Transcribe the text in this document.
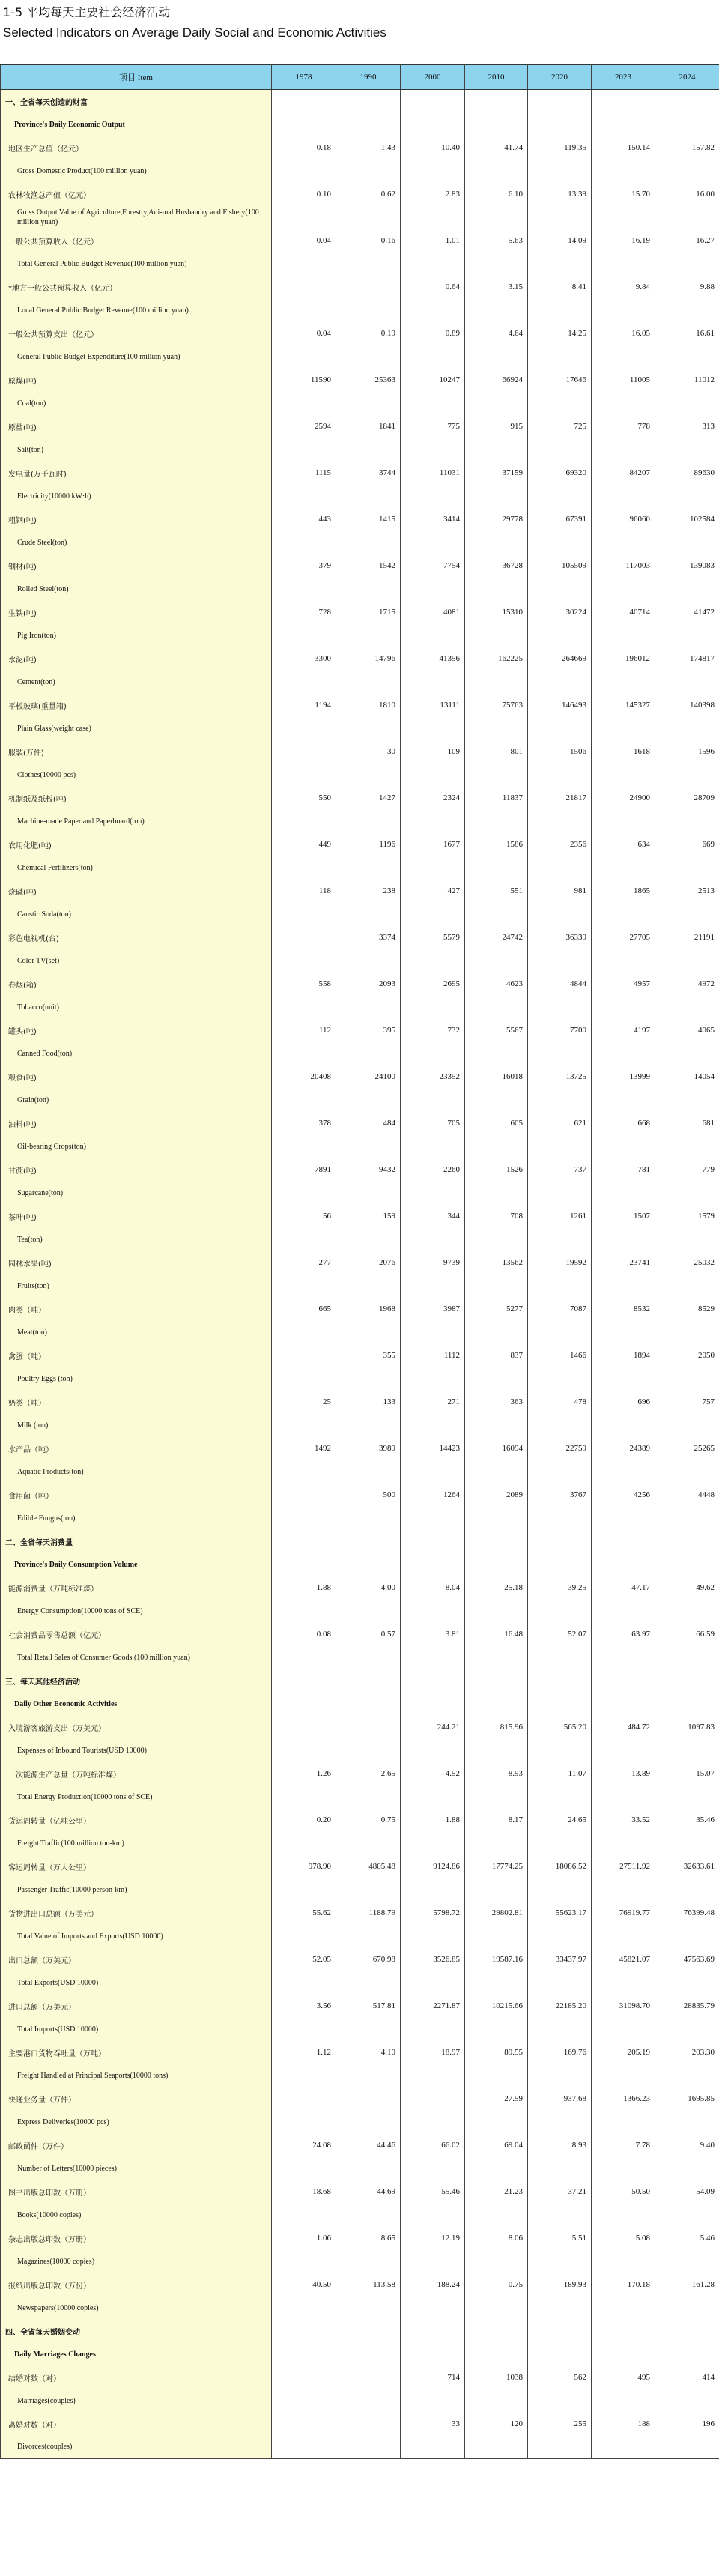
1-5 平均每天主要社会经济活动
Selected Indicators on Average Daily Social and Economic Activities
项目 Item	1978	1990	2000	2010	2020	2023	2024
一、全省每天创造的财富							
Province's Daily Economic Output							
地区生产总值（亿元）	0.18	1.43	10.40	41.74	119.35	150.14	157.82
Gross Domestic Product(100 million yuan)							
农林牧渔总产值（亿元）	0.10	0.62	2.83	6.10	13.39	15.70	16.00
Gross Output Value of Agriculture,Forestry,Ani-mal Husbandry and Fishery(100 million yuan)							
一般公共预算收入（亿元）	0.04	0.16	1.01	5.63	14.09	16.19	16.27
Total General Public Budget Revenue(100 million yuan)							
*地方一般公共预算收入（亿元）			0.64	3.15	8.41	9.84	9.88
Local General Public Budget Revenue(100 million yuan)							
一般公共预算支出（亿元）	0.04	0.19	0.89	4.64	14.25	16.05	16.61
General Public Budget Expenditure(100 million yuan)							
原煤(吨)	11590	25363	10247	66924	17646	11005	11012
Coal(ton)							
原盐(吨)	2594	1841	775	915	725	778	313
Salt(ton)							
发电量(万千瓦时)	1115	3744	11031	37159	69320	84207	89630
Electricity(10000 kW·h)							
粗钢(吨)	443	1415	3414	29778	67391	96060	102584
Crude Steel(ton)							
钢材(吨)	379	1542	7754	36728	105509	117003	139083
Rolled Steel(ton)							
生铁(吨)	728	1715	4081	15310	30224	40714	41472
Pig Iron(ton)							
水泥(吨)	3300	14796	41356	162225	264669	196012	174817
Cement(ton)							
平板玻璃(重量箱)	1194	1810	13111	75763	146493	145327	140398
Plain Glass(weight case)							
服装(万件)		30	109	801	1506	1618	1596
Clothes(10000 pcs)							
机制纸及纸板(吨)	550	1427	2324	11837	21817	24900	28709
Machine-made Paper and Paperboard(ton)							
农用化肥(吨)	449	1196	1677	1586	2356	634	669
Chemical Fertilizers(ton)							
烧碱(吨)	118	238	427	551	981	1865	2513
Caustic Soda(ton)							
彩色电视机(台)		3374	5579	24742	36339	27705	21191
Color TV(set)							
卷烟(箱)	558	2093	2695	4623	4844	4957	4972
Tobacco(unit)							
罐头(吨)	112	395	732	5567	7700	4197	4065
Canned Food(ton)							
粮食(吨)	20408	24100	23352	16018	13725	13999	14054
Grain(ton)							
油料(吨)	378	484	705	605	621	668	681
Oil-bearing Crops(ton)							
甘蔗(吨)	7891	9432	2260	1526	737	781	779
Sugarcane(ton)							
茶叶(吨)	56	159	344	708	1261	1507	1579
Tea(ton)							
园林水果(吨)	277	2076	9739	13562	19592	23741	25032
Fruits(ton)							
肉类（吨）	665	1968	3987	5277	7087	8532	8529
Meat(ton)							
禽蛋（吨）		355	1112	837	1466	1894	2050
Poultry Eggs (ton)							
奶类（吨）	25	133	271	363	478	696	757
Milk (ton)							
水产品（吨）	1492	3989	14423	16094	22759	24389	25265
Aquatic Products(ton)							
食用菌（吨）		500	1264	2089	3767	4256	4448
Edible Fungus(ton)							
二、全省每天消费量							
Province's Daily Consumption Volume							
能源消费量（万吨标准煤）	1.88	4.00	8.04	25.18	39.25	47.17	49.62
Energy Consumption(10000 tons of SCE)							
社会消费品零售总额（亿元）	0.08	0.57	3.81	16.48	52.07	63.97	66.59
Total Retail Sales of Consumer Goods (100 million yuan)							
三、每天其他经济活动							
Daily Other Economic Activities							
入境游客旅游支出（万美元）			244.21	815.96	565.20	484.72	1097.83
Expenses of Inbound Tourists(USD 10000)							
一次能源生产总量（万吨标准煤）	1.26	2.65	4.52	8.93	11.07	13.89	15.07
Total Energy Production(10000 tons of SCE)							
货运周转量（亿吨公里）	0.20	0.75	1.88	8.17	24.65	33.52	35.46
Freight Traffic(100 million ton-km)							
客运周转量（万人公里）	978.90	4805.48	9124.86	17774.25	18086.52	27511.92	32633.61
Passenger Traffic(10000 person-km)							
货物进出口总额（万美元）	55.62	1188.79	5798.72	29802.81	55623.17	76919.77	76399.48
Total Value of Imports and Exports(USD 10000)							
出口总额（万美元）	52.05	670.98	3526.85	19587.16	33437.97	45821.07	47563.69
Total Exports(USD 10000)							
进口总额（万美元）	3.56	517.81	2271.87	10215.66	22185.20	31098.70	28835.79
Total Imports(USD 10000)							
主要港口货物吞吐量（万吨）	1.12	4.10	18.97	89.55	169.76	205.19	203.30
Freight Handled at Principal Seaports(10000 tons)							
快递业务量（万件）				27.59	937.68	1366.23	1695.85
Express Deliveries(10000 pcs)							
邮政函件（万件）	24.08	44.46	66.02	69.04	8.93	7.78	9.40
Number of Letters(10000 pieces)							
图书出版总印数（万册）	18.68	44.69	55.46	21.23	37.21	50.50	54.09
Books(10000 copies)							
杂志出版总印数（万册）	1.06	8.65	12.19	8.06	5.51	5.08	5.46
Magazines(10000 copies)							
报纸出版总印数（万份）	40.50	113.58	188.24	0.75	189.93	170.18	161.28
Newspapers(10000 copies)							
四、全省每天婚姻变动							
Daily Marriages Changes							
结婚对数（对）			714	1038	562	495	414
Marriages(couples)							
离婚对数（对）			33	120	255	188	196
Divorces(couples)							
